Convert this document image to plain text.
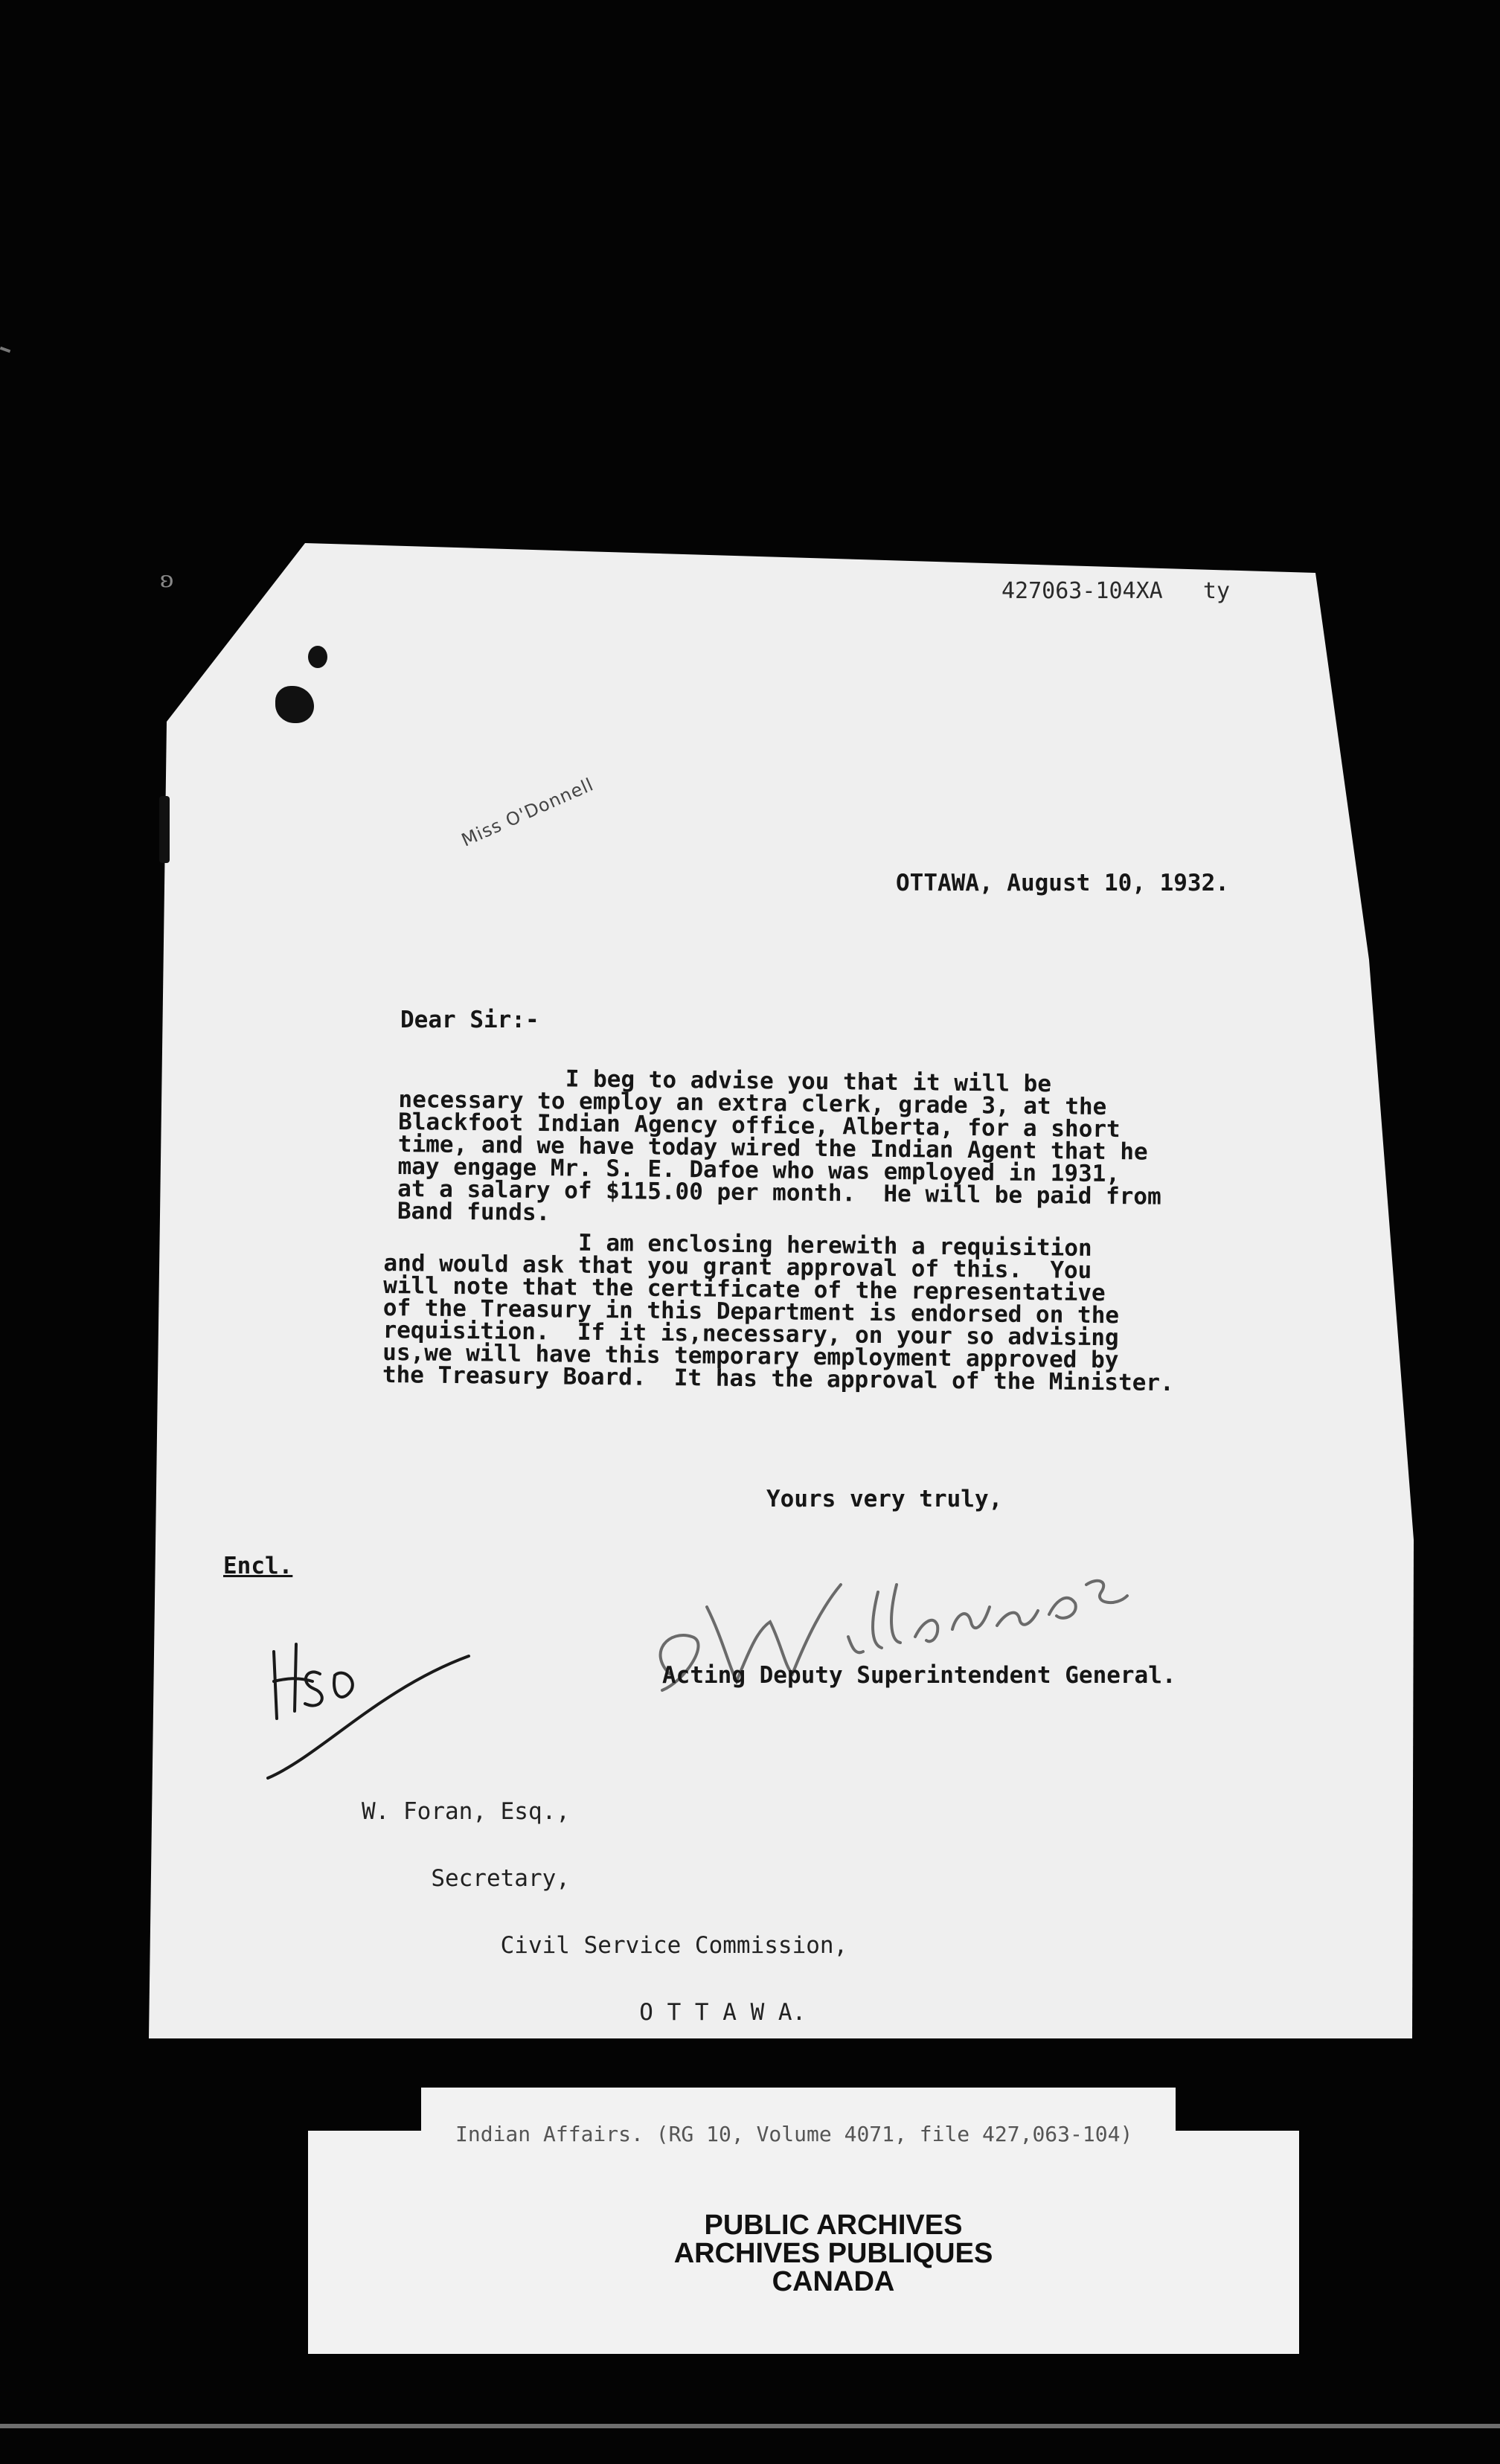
ʚ	427063-104XA   ty
Miss O'Donnell
OTTAWA, August 10, 1932.
Dear Sir:-
I beg to advise you that it will be
necessary to employ an extra clerk, grade 3, at the
Blackfoot Indian Agency office, Alberta, for a short
time, and we have today wired the Indian Agent that he
may engage Mr. S. E. Dafoe who was employed in 1931,
at a salary of $115.00 per month.  He will be paid from
Band funds.
I am enclosing herewith a requisition
and would ask that you grant approval of this.  You
will note that the certificate of the representative
of the Treasury in this Department is endorsed on the
requisition.  If it is,necessary, on your so advising
us,we will have this temporary employment approved by
the Treasury Board.  It has the approval of the Minister.
Yours very truly,
Encl.
Acting Deputy Superintendent General.

W. Foran, Esq.,

Secretary,

Civil Service Commission,

O T T A W A.

Indian Affairs. (RG 10, Volume 4071, file 427,063-104)
PUBLIC ARCHIVES
ARCHIVES PUBLIQUES
CANADA
